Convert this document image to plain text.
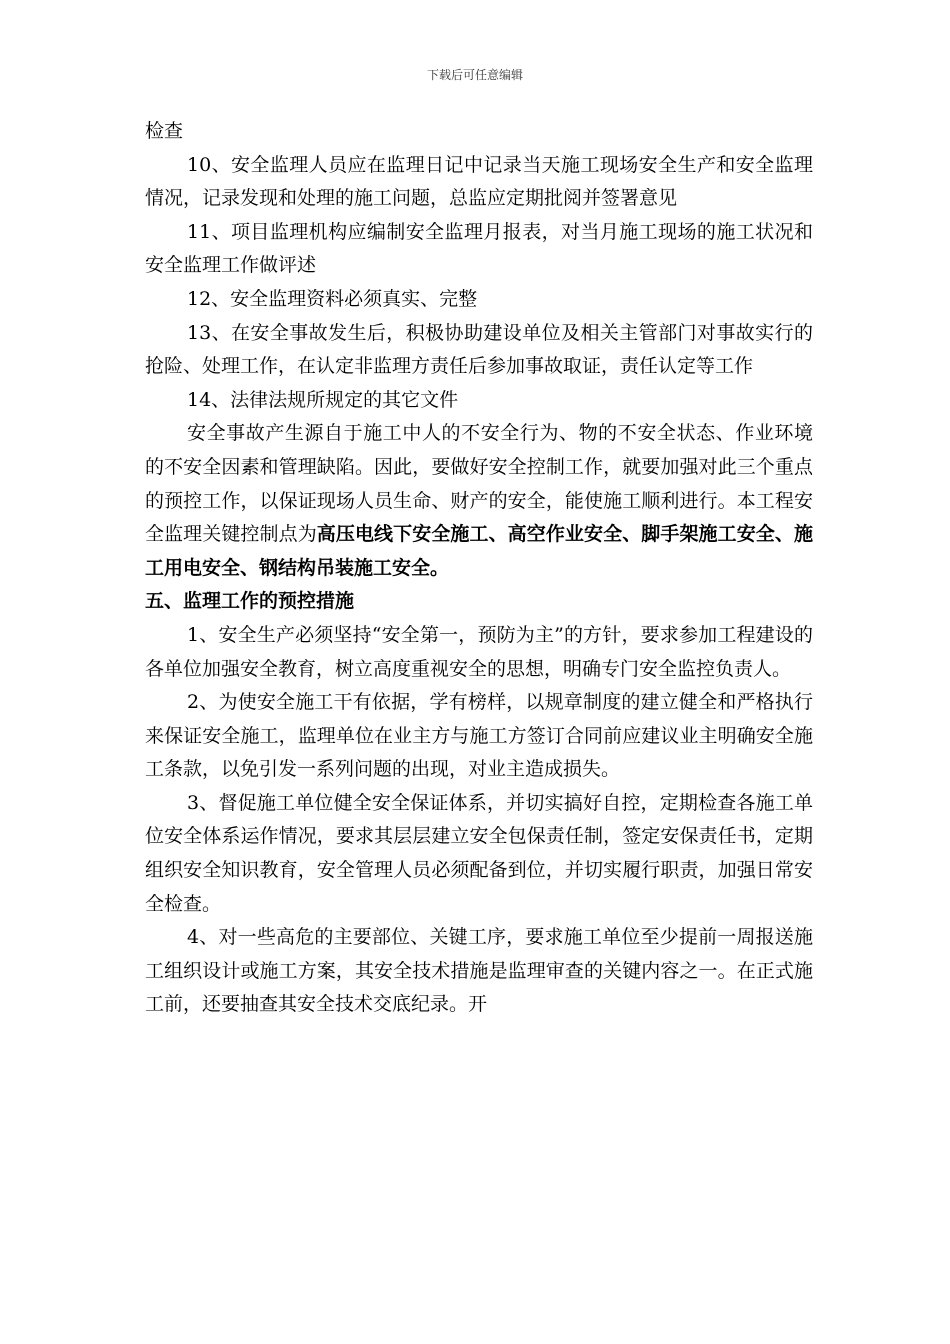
下载后可任意编辑

检查

10、安全监理人员应在监理日记中记录当天施工现场安全生产和安全监理情况，记录发现和处理的施工问题，总监应定期批阅并签署意见

11、项目监理机构应编制安全监理月报表，对当月施工现场的施工状况和安全监理工作做评述

12、安全监理资料必须真实、完整

13、在安全事故发生后，积极协助建设单位及相关主管部门对事故实行的抢险、处理工作，在认定非监理方责任后参加事故取证，责任认定等工作

14、法律法规所规定的其它文件

安全事故产生源自于施工中人的不安全行为、物的不安全状态、作业环境的不安全因素和管理缺陷。因此，要做好安全控制工作，就要加强对此三个重点的预控工作，以保证现场人员生命、财产的安全，能使施工顺利进行。本工程安全监理关键控制点为高压电线下安全施工、高空作业安全、脚手架施工安全、施工用电安全、钢结构吊装施工安全。

五、监理工作的预控措施

1、安全生产必须坚持“安全第一，预防为主”的方针，要求参加工程建设的各单位加强安全教育，树立高度重视安全的思想，明确专门安全监控负责人。

2、为使安全施工干有依据，学有榜样，以规章制度的建立健全和严格执行来保证安全施工，监理单位在业主方与施工方签订合同前应建议业主明确安全施工条款，以免引发一系列问题的出现，对业主造成损失。

3、督促施工单位健全安全保证体系，并切实搞好自控，定期检查各施工单位安全体系运作情况，要求其层层建立安全包保责任制，签定安保责任书，定期组织安全知识教育，安全管理人员必须配备到位，并切实履行职责，加强日常安全检查。

4、对一些高危的主要部位、关键工序，要求施工单位至少提前一周报送施工组织设计或施工方案，其安全技术措施是监理审查的关键内容之一。在正式施工前，还要抽查其安全技术交底纪录。开
